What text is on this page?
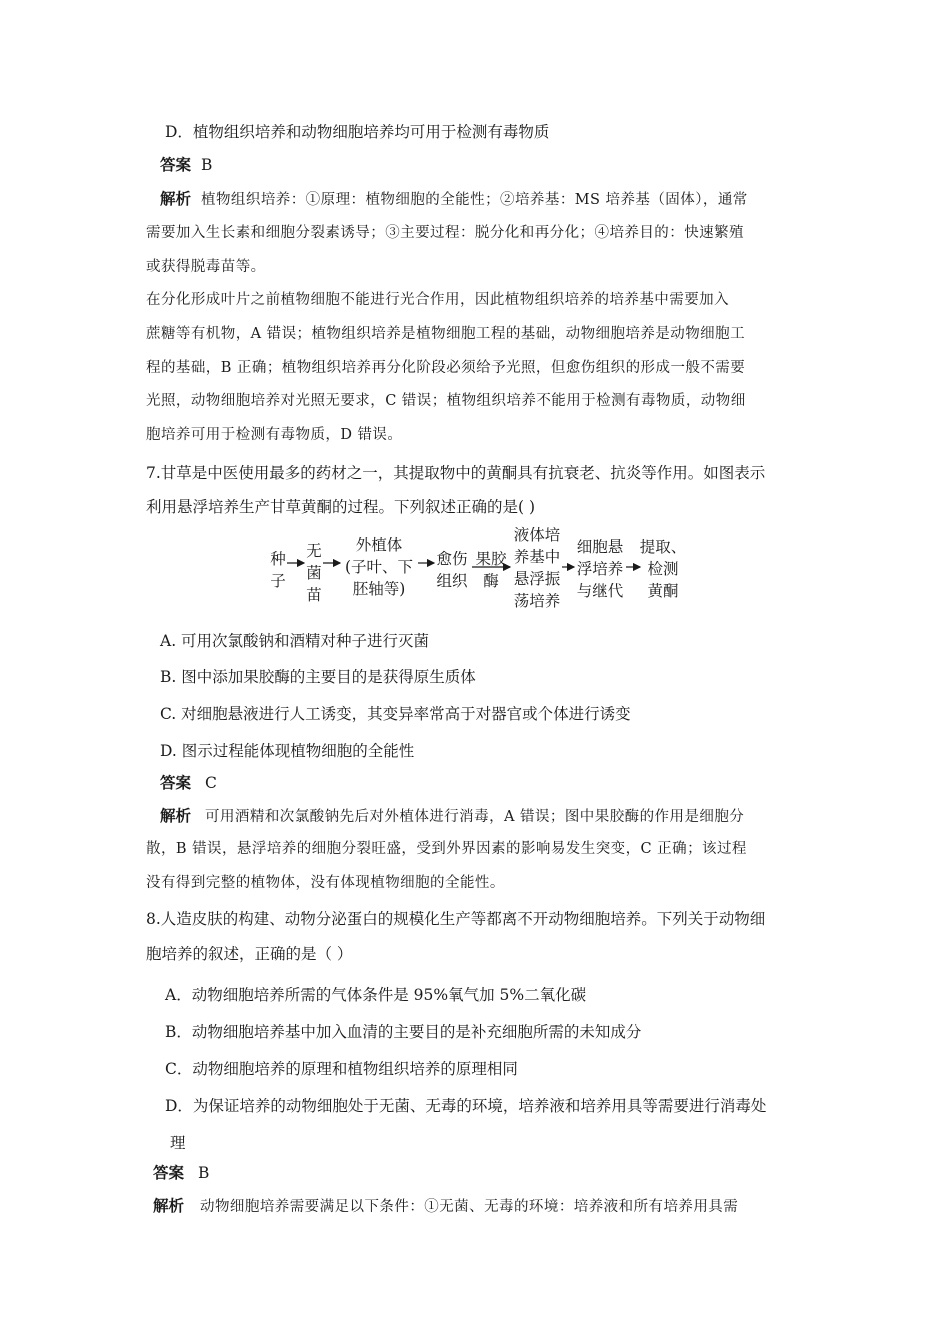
D．植物组织培养和动物细胞培养均可用于检测有毒物质
答案 B
解析 植物组织培养：①原理：植物细胞的全能性；②培养基：MS 培养基（固体），通常
需要加入生长素和细胞分裂素诱导；③主要过程：脱分化和再分化；④培养目的：快速繁殖
或获得脱毒苗等。
在分化形成叶片之前植物细胞不能进行光合作用，因此植物组织培养的培养基中需要加入
蔗糖等有机物，A 错误；植物组织培养是植物细胞工程的基础，动物细胞培养是动物细胞工
程的基础，B 正确；植物组织培养再分化阶段必须给予光照，但愈伤组织的形成一般不需要
光照，动物细胞培养对光照无要求，C 错误；植物组织培养不能用于检测有毒物质，动物细
胞培养可用于检测有毒物质，D 错误。
7.甘草是中医使用最多的药材之一，其提取物中的黄酮具有抗衰老、抗炎等作用。如图表示
利用悬浮培养生产甘草黄酮的过程。下列叙述正确的是( )
种
子
无
菌
苗
外植体
(子叶、下
胚轴等)
愈伤
组织
果胶
酶
液体培
养基中
悬浮振
荡培养
细胞悬
浮培养
与继代
提取、
检测
黄酮
A. 可用次氯酸钠和酒精对种子进行灭菌
B. 图中添加果胶酶的主要目的是获得原生质体
C. 对细胞悬液进行人工诱变，其变异率常高于对器官或个体进行诱变
D. 图示过程能体现植物细胞的全能性
答案 C
解析 可用酒精和次氯酸钠先后对外植体进行消毒，A 错误；图中果胶酶的作用是细胞分
散，B 错误，悬浮培养的细胞分裂旺盛，受到外界因素的影响易发生突变，C 正确；该过程
没有得到完整的植物体，没有体现植物细胞的全能性。
8.人造皮肤的构建、动物分泌蛋白的规模化生产等都离不开动物细胞培养。下列关于动物细
胞培养的叙述，正确的是（ ）
A．动物细胞培养所需的气体条件是 95%氧气加 5%二氧化碳
B．动物细胞培养基中加入血清的主要目的是补充细胞所需的未知成分
C．动物细胞培养的原理和植物组织培养的原理相同
D．为保证培养的动物细胞处于无菌、无毒的环境，培养液和培养用具等需要进行消毒处
理
答案 B
解析 动物细胞培养需要满足以下条件：①无菌、无毒的环境：培养液和所有培养用具需
